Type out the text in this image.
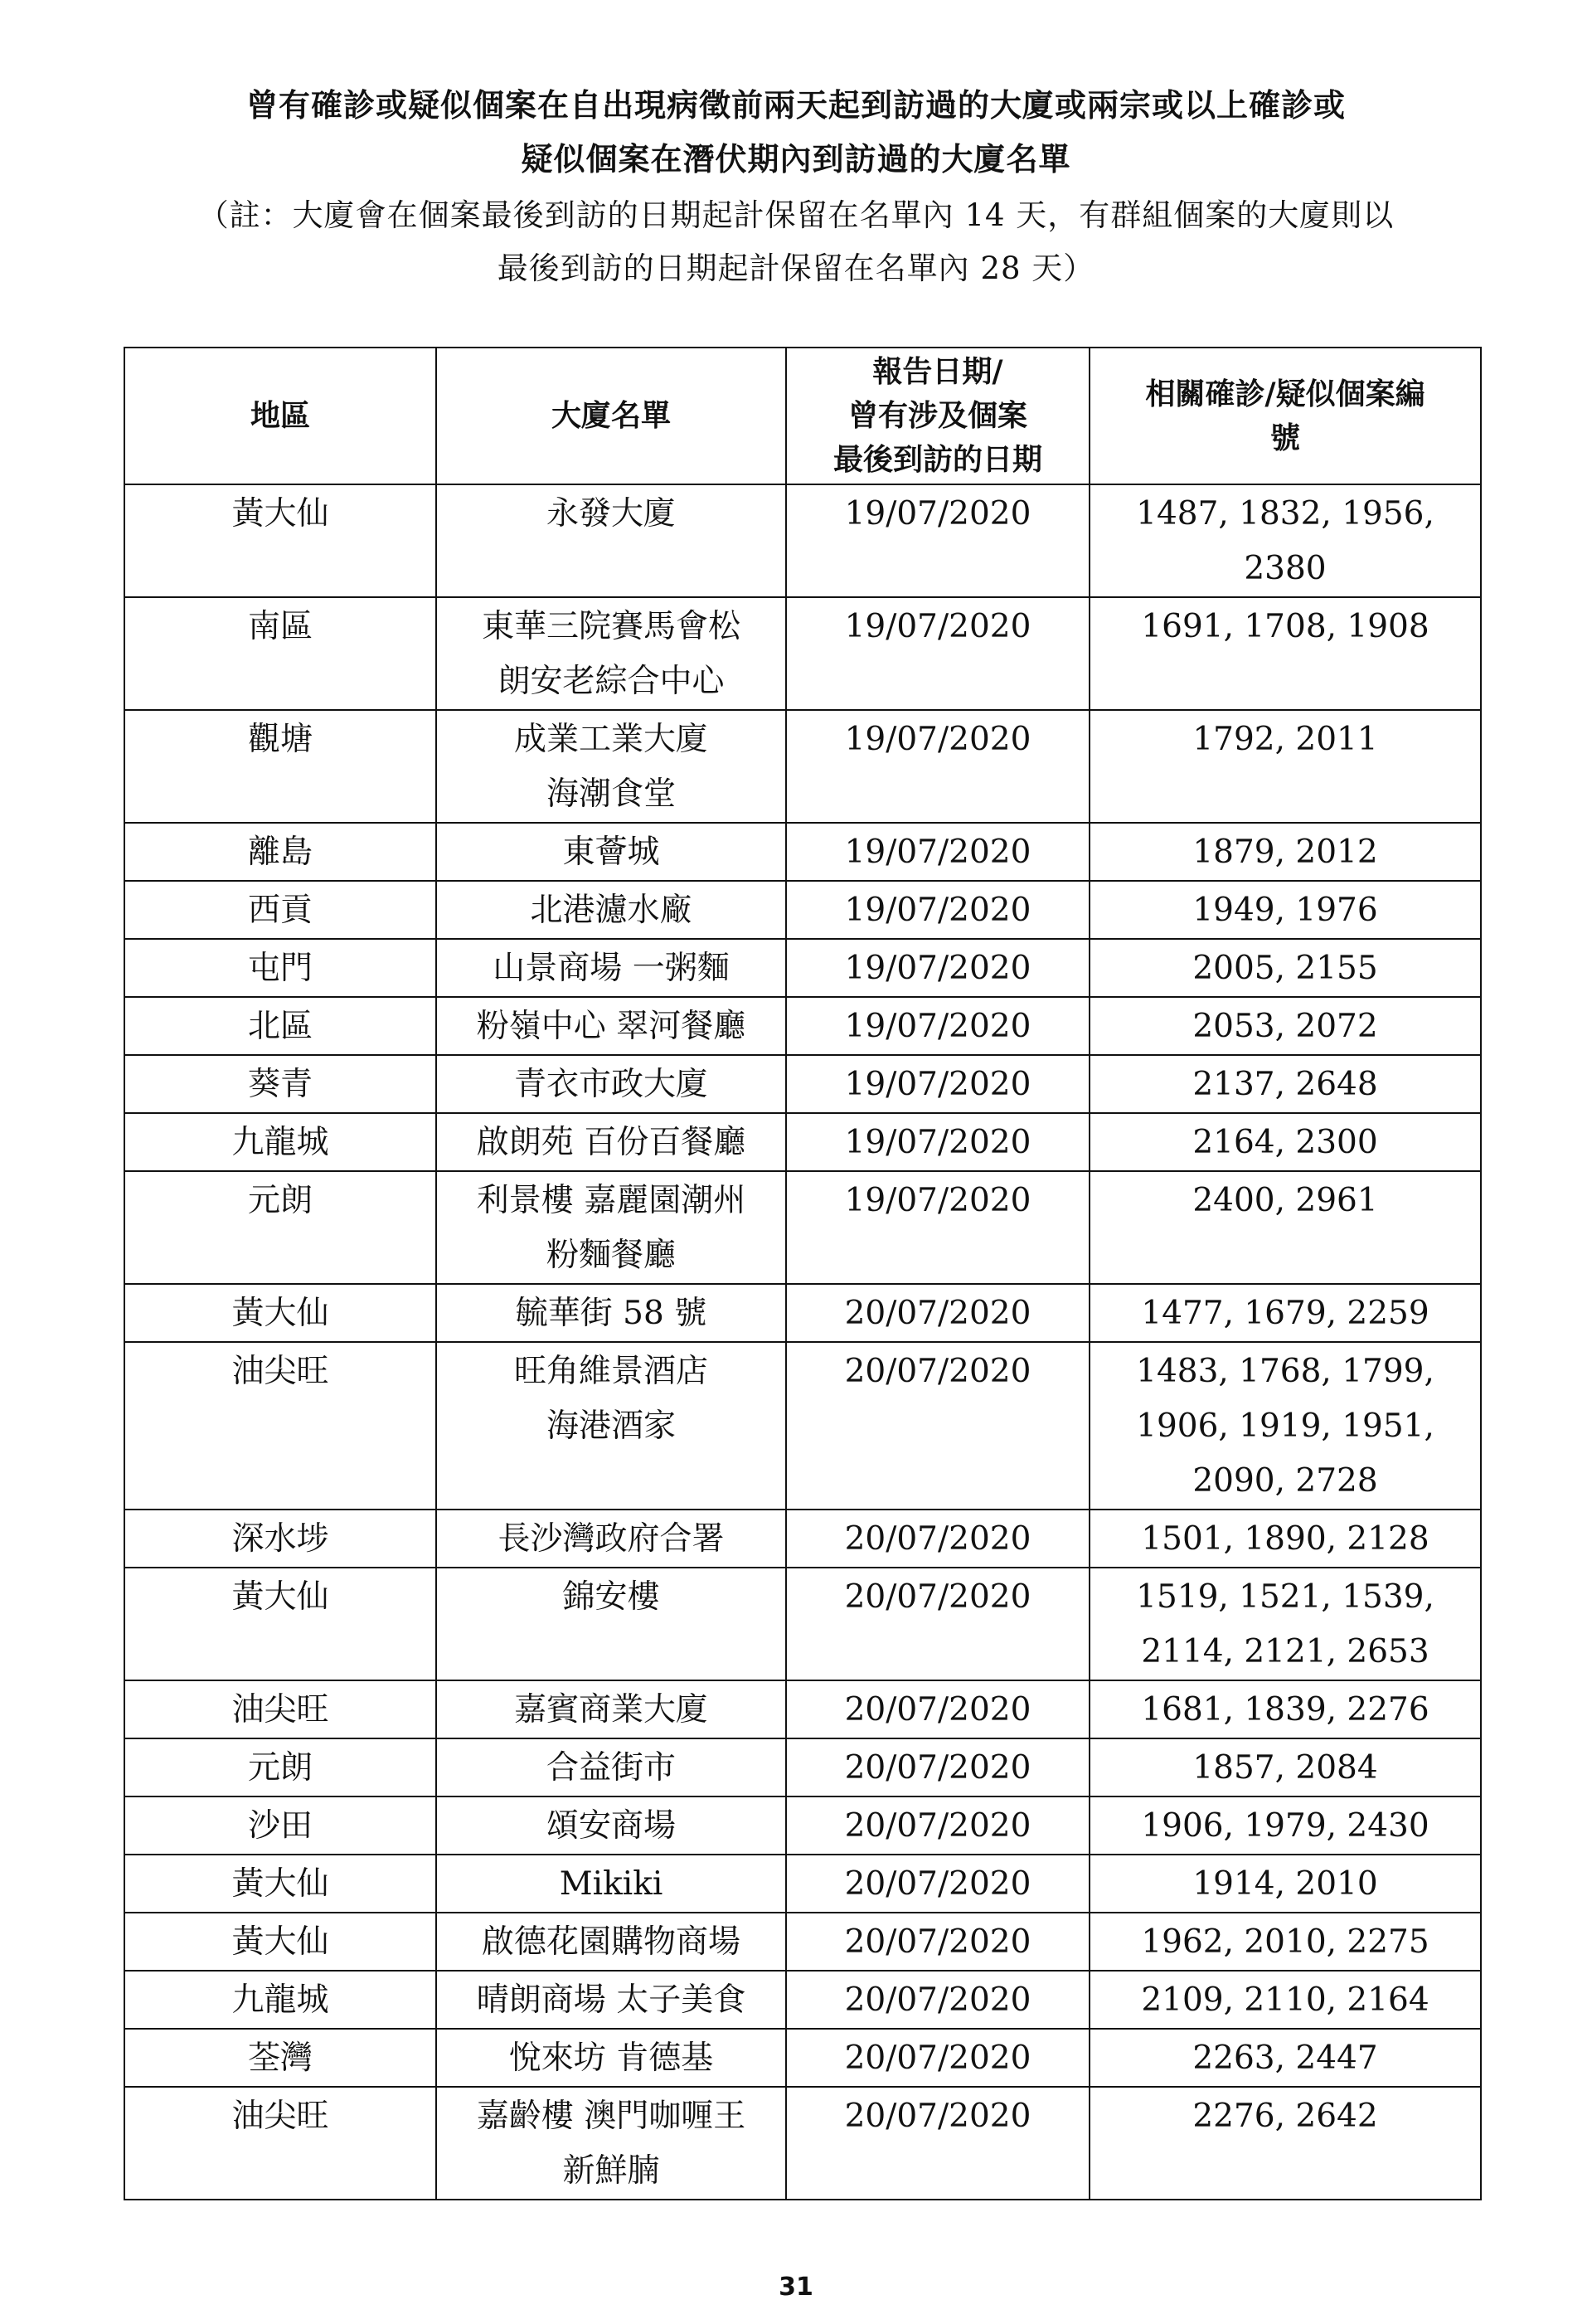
曾有確診或疑似個案在自出現病徵前兩天起到訪過的大廈或兩宗或以上確診或
疑似個案在潛伏期內到訪過的大廈名單
（註：大廈會在個案最後到訪的日期起計保留在名單內 14 天，有群組個案的大廈則以
最後到訪的日期起計保留在名單內 28 天）
地區	大廈名單	報告日期/
曾有涉及個案
最後到訪的日期	相關確診/疑似個案編
號

黃大仙	永發大廈	19/07/2020	1487, 1832, 1956,
2380

南區	東華三院賽馬會松
朗安老綜合中心	19/07/2020	1691, 1708, 1908

觀塘	成業工業大廈
海潮食堂	19/07/2020	1792, 2011

離島	東薈城	19/07/2020	1879, 2012

西貢	北港濾水廠	19/07/2020	1949, 1976

屯門	山景商場 一粥麵	19/07/2020	2005, 2155

北區	粉嶺中心 翠河餐廳	19/07/2020	2053, 2072

葵青	青衣市政大廈	19/07/2020	2137, 2648

九龍城	啟朗苑 百份百餐廳	19/07/2020	2164, 2300

元朗	利景樓 嘉麗園潮州
粉麵餐廳	19/07/2020	2400, 2961

黃大仙	毓華街 58 號	20/07/2020	1477, 1679, 2259

油尖旺	旺角維景酒店
海港酒家	20/07/2020	1483, 1768, 1799,
1906, 1919, 1951,
2090, 2728

深水埗	長沙灣政府合署	20/07/2020	1501, 1890, 2128

黃大仙	錦安樓	20/07/2020	1519, 1521, 1539,
2114, 2121, 2653

油尖旺	嘉賓商業大廈	20/07/2020	1681, 1839, 2276

元朗	合益街市	20/07/2020	1857, 2084

沙田	頌安商場	20/07/2020	1906, 1979, 2430

黃大仙	Mikiki	20/07/2020	1914, 2010

黃大仙	啟德花園購物商場	20/07/2020	1962, 2010, 2275

九龍城	晴朗商場 太子美食	20/07/2020	2109, 2110, 2164

荃灣	悅來坊 肯德基	20/07/2020	2263, 2447

油尖旺	嘉齡樓 澳門咖喱王
新鮮腩	20/07/2020	2276, 2642
31
